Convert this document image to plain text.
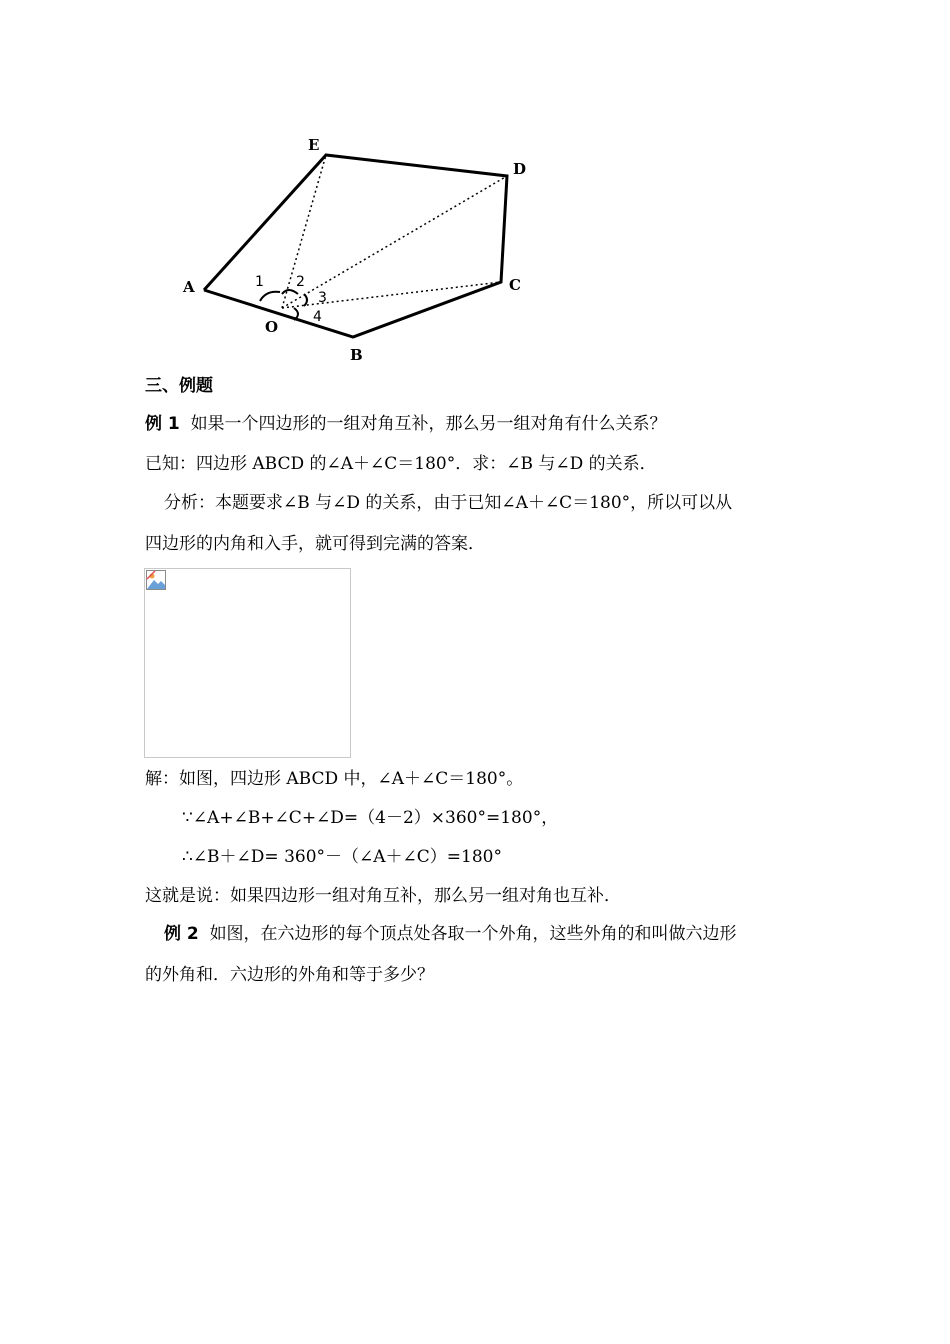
E
D
C
A
O
B
1 2
3
4
三、例题
例 1 如果一个四边形的一组对角互补，那么另一组对角有什么关系？
已知：四边形 ABCD 的∠A＋∠C＝180°．求：∠B 与∠D 的关系．
分析：本题要求∠B 与∠D 的关系，由于已知∠A＋∠C＝180°，所以可以从
四边形的内角和入手，就可得到完满的答案．
解：如图，四边形 ABCD 中，∠A＋∠C＝180°。
∵∠A+∠B+∠C+∠D=（4－2）×360°=180°，
∴∠B＋∠D= 360°－（∠A＋∠C）=180°
这就是说：如果四边形一组对角互补，那么另一组对角也互补．
例 2 如图，在六边形的每个顶点处各取一个外角，这些外角的和叫做六边形
的外角和．六边形的外角和等于多少？
